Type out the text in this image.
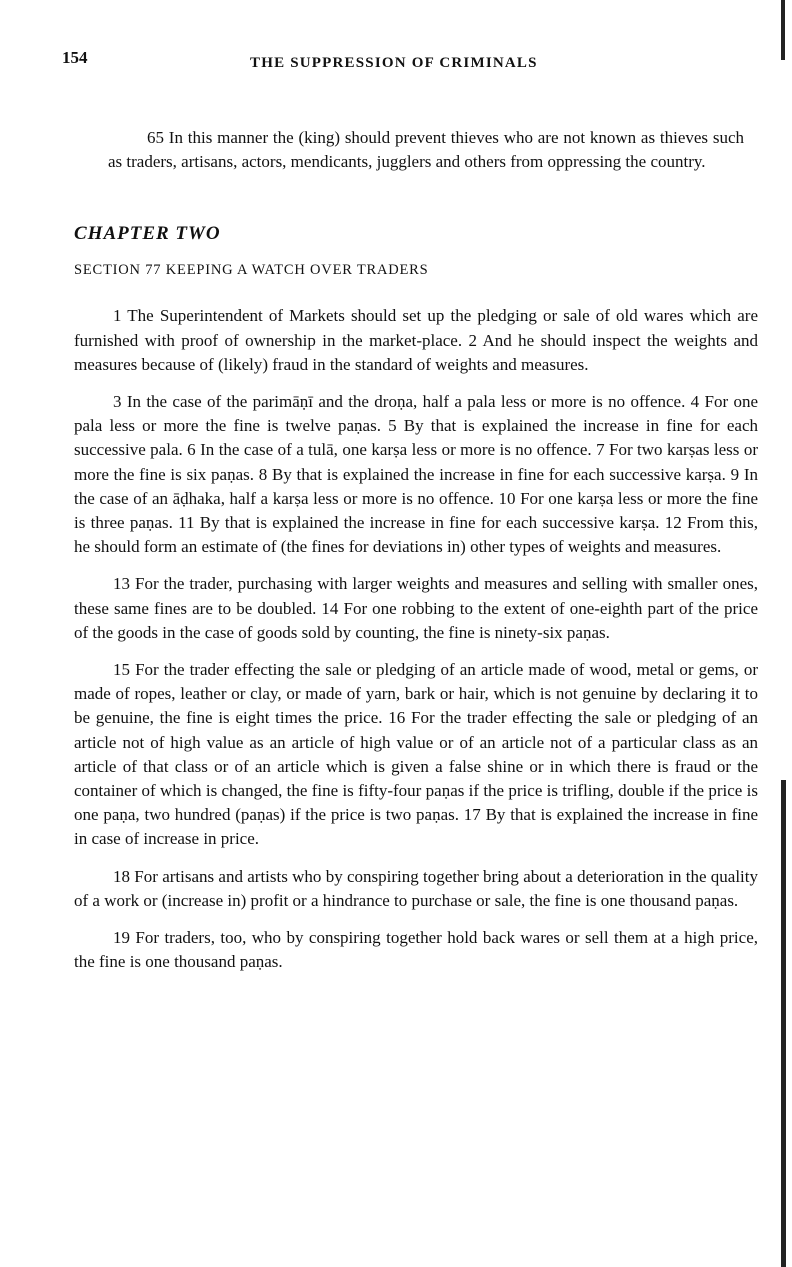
154	THE SUPPRESSION OF CRIMINALS

65 In this manner the (king) should prevent thieves who are not known as thieves such as traders, artisans, actors, mendicants, jugglers and others from oppressing the country.

CHAPTER TWO
SECTION 77 KEEPING A WATCH OVER TRADERS

1 The Superintendent of Markets should set up the pledging or sale of old wares which are furnished with proof of ownership in the market-place. 2 And he should inspect the weights and measures because of (likely) fraud in the standard of weights and measures.

3 In the case of the parimāṇī and the droṇa, half a pala less or more is no offence. 4 For one pala less or more the fine is twelve paṇas. 5 By that is explained the increase in fine for each successive pala. 6 In the case of a tulā, one karṣa less or more is no offence. 7 For two karṣas less or more the fine is six paṇas. 8 By that is explained the increase in fine for each successive karṣa. 9 In the case of an āḍhaka, half a karṣa less or more is no offence. 10 For one karṣa less or more the fine is three paṇas. 11 By that is explained the increase in fine for each successive karṣa. 12 From this, he should form an estimate of (the fines for deviations in) other types of weights and measures.

13 For the trader, purchasing with larger weights and measures and selling with smaller ones, these same fines are to be doubled. 14 For one robbing to the extent of one-eighth part of the price of the goods in the case of goods sold by counting, the fine is ninety-six paṇas.

15 For the trader effecting the sale or pledging of an article made of wood, metal or gems, or made of ropes, leather or clay, or made of yarn, bark or hair, which is not genuine by declaring it to be genuine, the fine is eight times the price. 16 For the trader effecting the sale or pledging of an article not of high value as an article of high value or of an article not of a particular class as an article of that class or of an article which is given a false shine or in which there is fraud or the container of which is changed, the fine is fifty-four paṇas if the price is trifling, double if the price is one paṇa, two hundred (paṇas) if the price is two paṇas. 17 By that is explained the increase in fine in case of increase in price.

18 For artisans and artists who by conspiring together bring about a deterioration in the quality of a work or (increase in) profit or a hindrance to purchase or sale, the fine is one thousand paṇas.

19 For traders, too, who by conspiring together hold back wares or sell them at a high price, the fine is one thousand paṇas.
